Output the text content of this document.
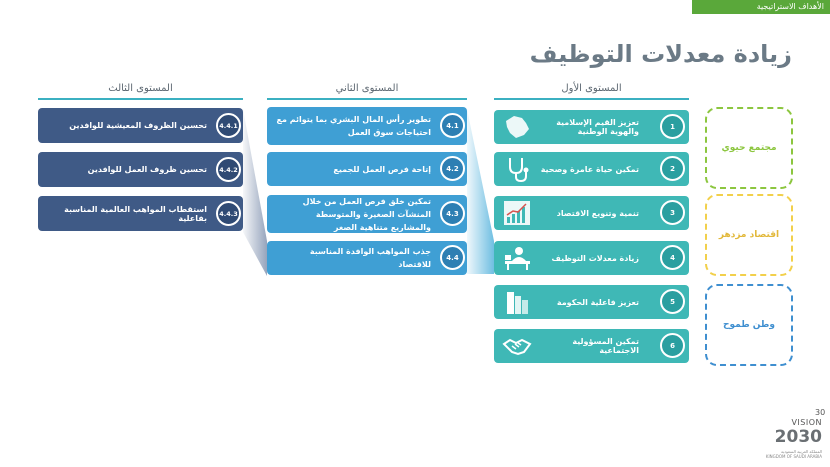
الأهداف الاستراتيجية
زيادة معدلات التوظيف
المستوى الأول
المستوى الثاني
المستوى الثالث
تعزيز القيم الإسلامية والهوية الوطنية
1
تمكين حياة عامرة وصحية	2
تنمية وتنويع الاقتصاد	3
زيادة معدلات التوظيف	4
تعزيز فاعلية الحكومة	5
تمكين المسؤولية الاجتماعية
6
تطوير رأس المال البشري بما يتوائم مع احتياجات سوق العمل
4.1
إتاحة فرص العمل للجميع	4.2
تمكين خلق فرص العمل من خلال المنشآت الصغيرة والمتوسطة والمشاريع متناهية الصغر
4.3
جذب المواهب الوافدة المناسبة للاقتصاد
4.4
تحسين الظروف المعيشية للوافدين	4.4.1
تحسين ظروف العمل للوافدين	4.4.2
استقطاب المواهب العالمية المناسبة بفاعلية	4.4.3
مجتمع حيوي
اقتصاد مزدهر
وطن طموح
30
VISION
2030
المملكة العربية السعودية KINGDOM OF SAUDI ARABIA
